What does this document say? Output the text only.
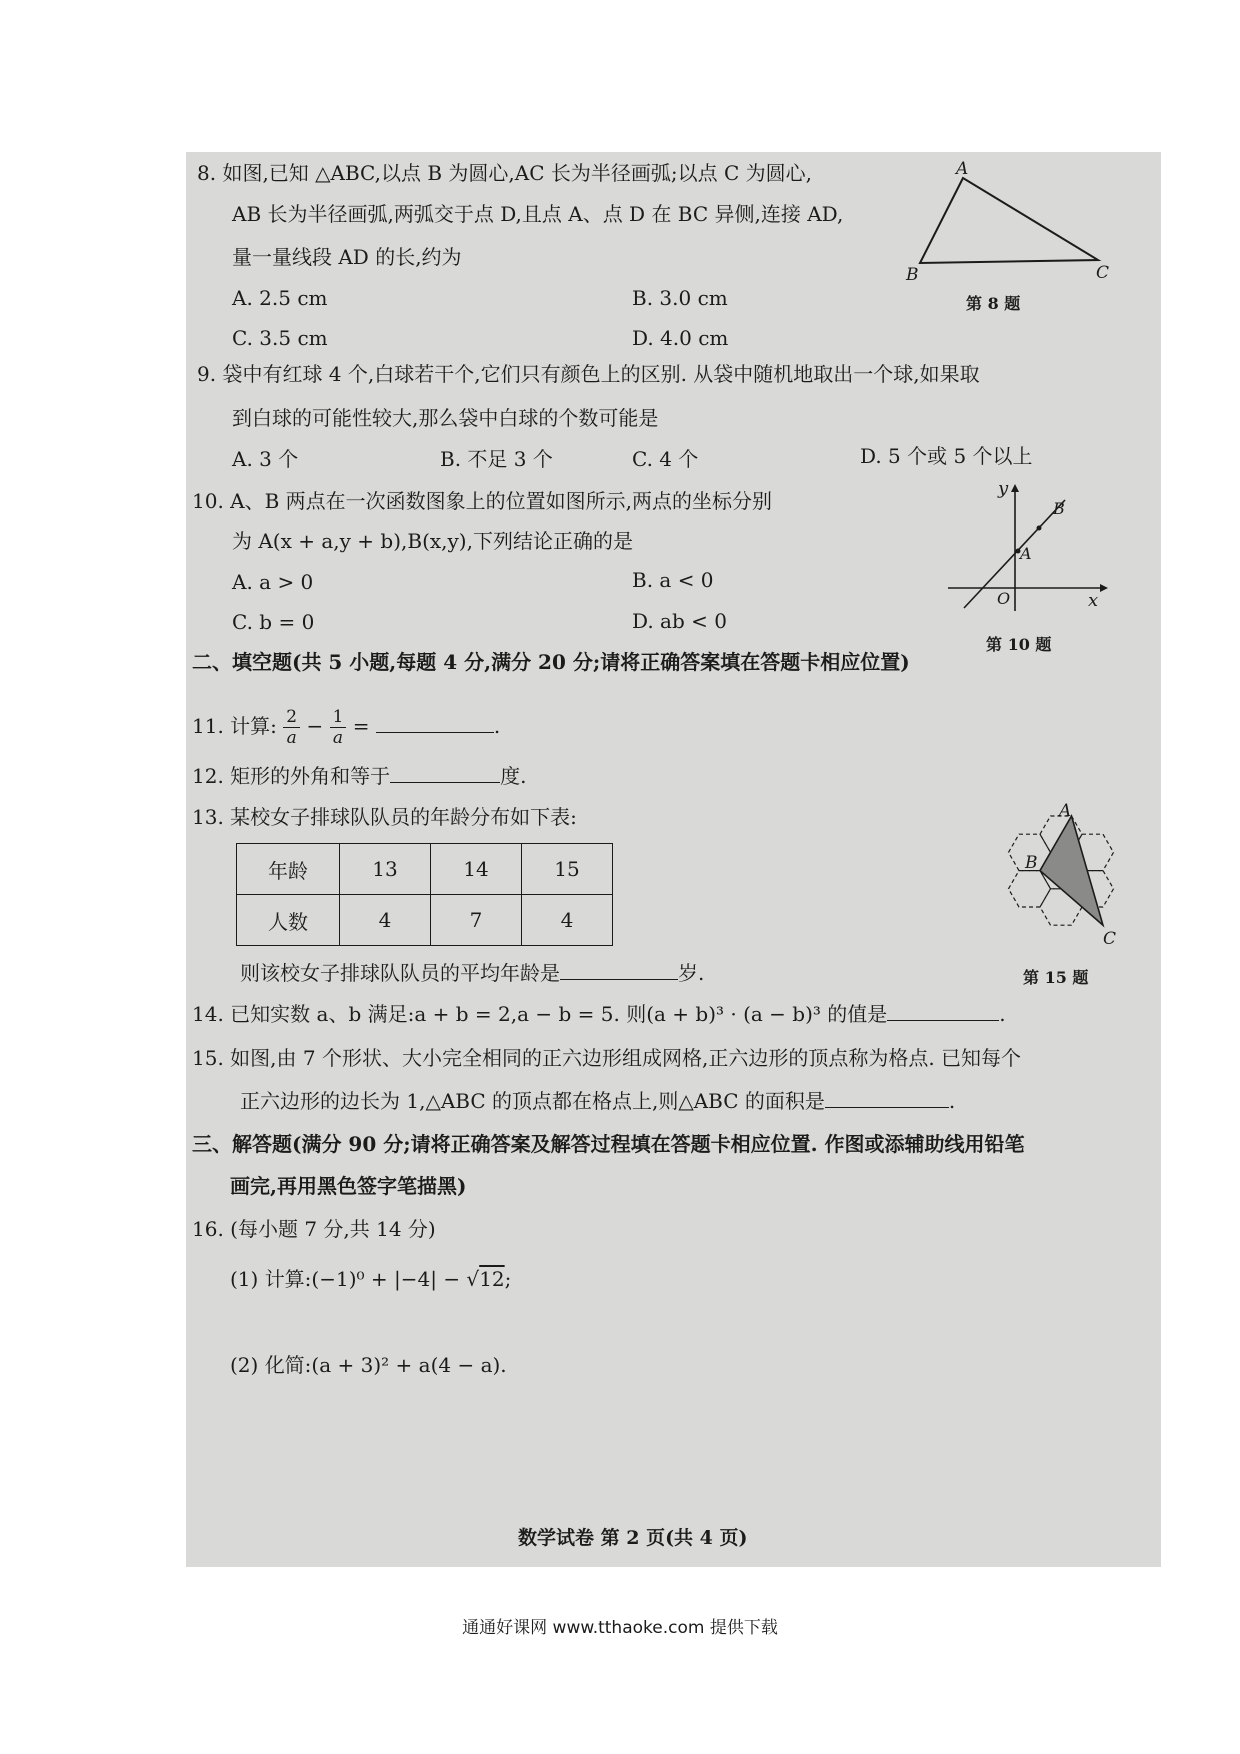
8. 如图,已知 △ABC,以点 B 为圆心,AC 长为半径画弧;以点 C 为圆心,
AB 长为半径画弧,两弧交于点 D,且点 A、点 D 在 BC 异侧,连接 AD,
量一量线段 AD 的长,约为
A. 2.5 cm	B. 3.0 cm
C. 3.5 cm	D. 4.0 cm
A
B	C
第 8 题
9. 袋中有红球 4 个,白球若干个,它们只有颜色上的区别. 从袋中随机地取出一个球,如果取
到白球的可能性较大,那么袋中白球的个数可能是
A. 3 个	B. 不足 3 个	C. 4 个	D. 5 个或 5 个以上
10. A、B 两点在一次函数图象上的位置如图所示,两点的坐标分别
为 A(x + a,y + b),B(x,y),下列结论正确的是
A. a > 0	B. a < 0
C. b = 0	D. ab < 0
y
x
O
A
B
第 10 题
二、填空题(共 5 小题,每题 4 分,满分 20 分;请将正确答案填在答题卡相应位置)
11. 计算: $\frac{2}{a} - \frac{1}{a}$ =	.
12. 矩形的外角和等于	度.
13. 某校女子排球队队员的年龄分布如下表:
年龄	13	14	15
人数	4	7	4
则该校女子排球队队员的平均年龄是	岁.
A
B
C
第 15 题
14. 已知实数 a、b 满足:a + b = 2,a − b = 5. 则(a + b)³ · (a − b)³ 的值是	.
15. 如图,由 7 个形状、大小完全相同的正六边形组成网格,正六边形的顶点称为格点. 已知每个
正六边形的边长为 1,△ABC 的顶点都在格点上,则△ABC 的面积是	.
三、解答题(满分 90 分;请将正确答案及解答过程填在答题卡相应位置. 作图或添辅助线用铅笔
画完,再用黑色签字笔描黑)
16. (每小题 7 分,共 14 分)
(1) 计算:(−1)⁰ + |−4| − √12;
(2) 化简:(a + 3)² + a(4 − a).
数学试卷 第 2 页(共 4 页)
通通好课网 www.tthaoke.com 提供下载
